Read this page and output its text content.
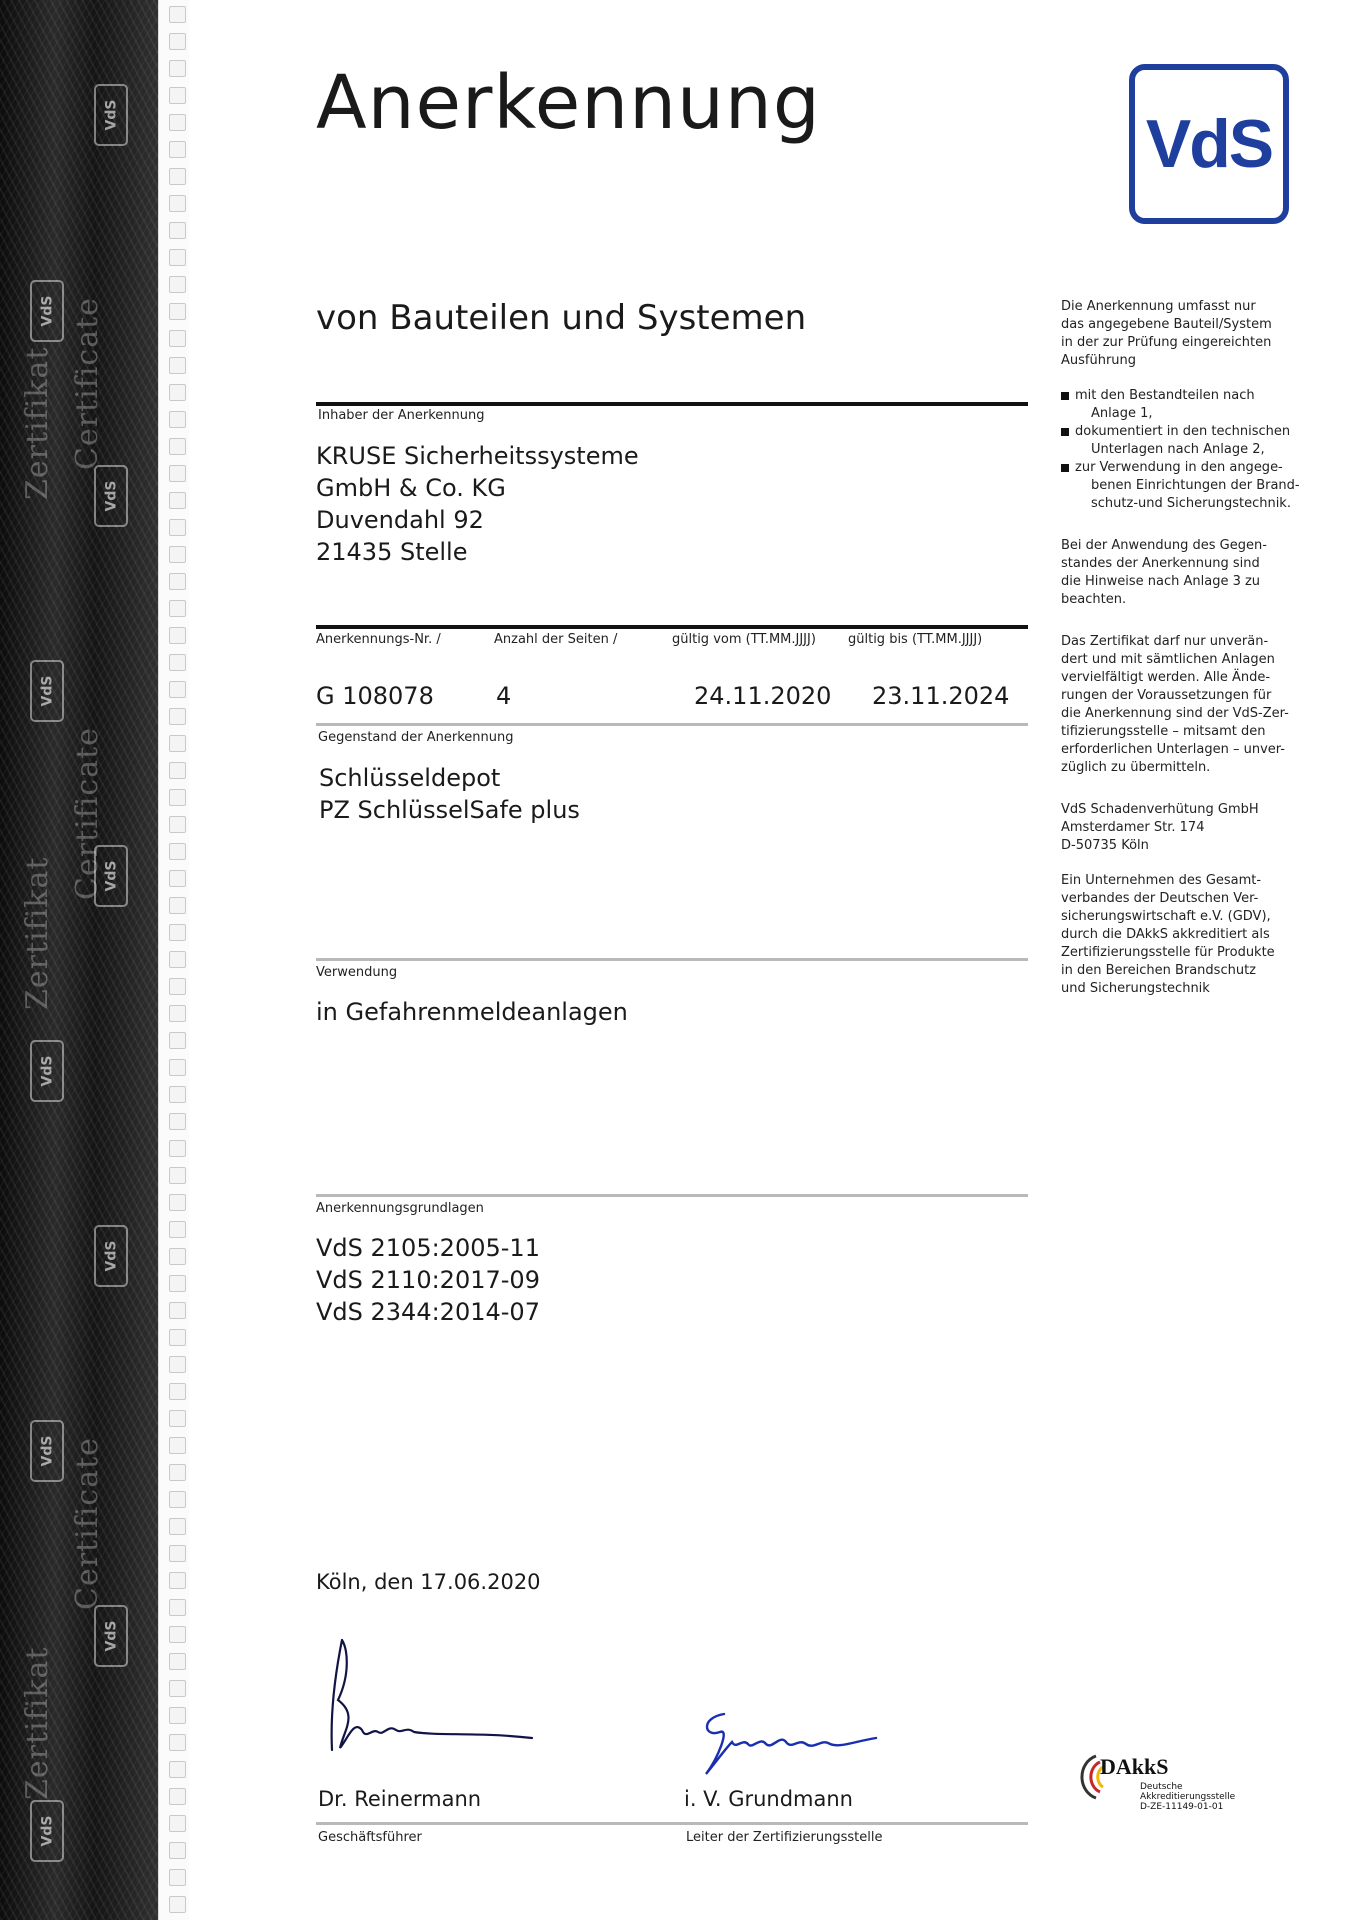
Zertifikat Certificate
Zertifikat
Certificate
Zertifikat
Certificate
VdS
VdS
VdS
VdS
VdS
VdS
VdS
VdS
VdS
VdS
Anerkennung	VdS
von Bauteilen und Systemen
Inhaber der Anerkennung
KRUSE Sicherheitssysteme
GmbH & Co. KG
Duvendahl 92
21435 Stelle
Anerkennungs-Nr. /	Anzahl der Seiten /	gültig vom (TT.MM.JJJJ) gültig bis (TT.MM.JJJJ)
G 108078	4	24.11.2020 23.11.2024
Gegenstand der Anerkennung
Schlüsseldepot
PZ SchlüsselSafe plus
Verwendung
in Gefahrenmeldeanlagen
Anerkennungsgrundlagen
VdS 2105:2005-11
VdS 2110:2017-09
VdS 2344:2014-07
Köln, den 17.06.2020
Dr. Reinermann	i. V. Grundmann
Geschäftsführer	Leiter der Zertifizierungsstelle
Die Anerkennung umfasst nur
das angegebene Bauteil/System
in der zur Prüfung eingereichten
Ausführung
mit den Bestandteilen nach
Anlage 1,
dokumentiert in den technischen
Unterlagen nach Anlage 2,
zur Verwendung in den angege-
benen Einrichtungen der Brand-
schutz-und Sicherungstechnik.
Bei der Anwendung des Gegen-
standes der Anerkennung sind
die Hinweise nach Anlage 3 zu
beachten.
Das Zertifikat darf nur unverän-
dert und mit sämtlichen Anlagen
vervielfältigt werden. Alle Ände-
rungen der Voraussetzungen für
die Anerkennung sind der VdS-Zer-
tifizierungsstelle – mitsamt den
erforderlichen Unterlagen – unver-
züglich zu übermitteln.
VdS Schadenverhütung GmbH
Amsterdamer Str. 174
D-50735 Köln
Ein Unternehmen des Gesamt-
verbandes der Deutschen Ver-
sicherungswirtschaft e.V. (GDV),
durch die DAkkS akkreditiert als
Zertifizierungsstelle für Produkte
in den Bereichen Brandschutz
und Sicherungstechnik
DAkkS
Deutsche
Akkreditierungsstelle
D-ZE-11149-01-01
